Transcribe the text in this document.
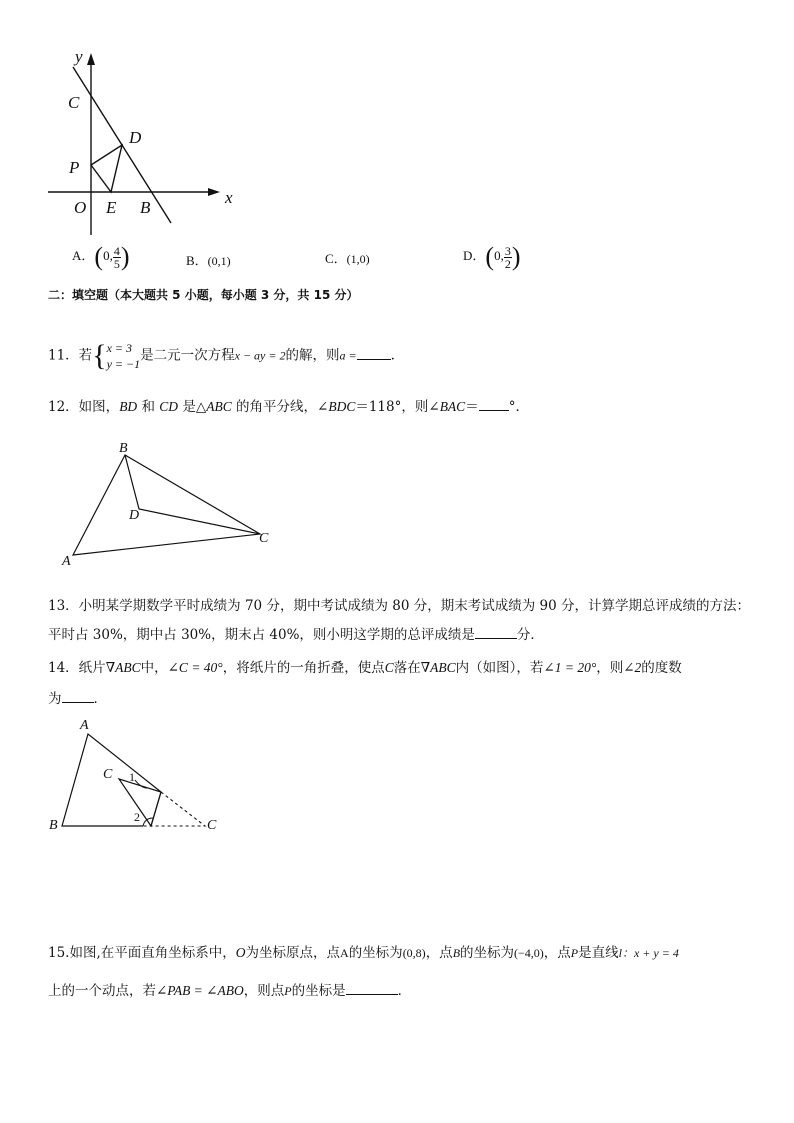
y
x
C
D
P
O E B
A．(0, $\frac{4}{5}$ )	B．(0,1)	C．(1,0)	D．(0, $\frac{3}{2}$ )
二：填空题（本大题共 5 小题，每小题 3 分，共 15 分）
11．若{ x = 3
y = −1
是二元一次方程x − ay = 2的解，则a =	.
12．如图，BD 和 CD 是△ABC 的角平分线，∠BDC＝118°，则∠BAC＝ °．
B
D
A
C
13．小明某学期数学平时成绩为 70 分，期中考试成绩为 80 分，期末考试成绩为 90 分，计算学期总评成绩的方法：
平时占 30%，期中占 30%，期末占 40%，则小明这学期的总评成绩是	分．
14．纸片∇ABC中，∠C = 40°，将纸片的一角折叠，使点C落在∇ABC内（如图），若∠1 = 20°，则∠2的度数
为 ．
A
C 1
2
B	C
15.如图,在平面直角坐标系中，O为坐标原点，点A的坐标为(0,8)，点B的坐标为(−4,0)，点P是直线l：x + y = 4
上的一个动点，若∠PAB = ∠ABO，则点P的坐标是	．
